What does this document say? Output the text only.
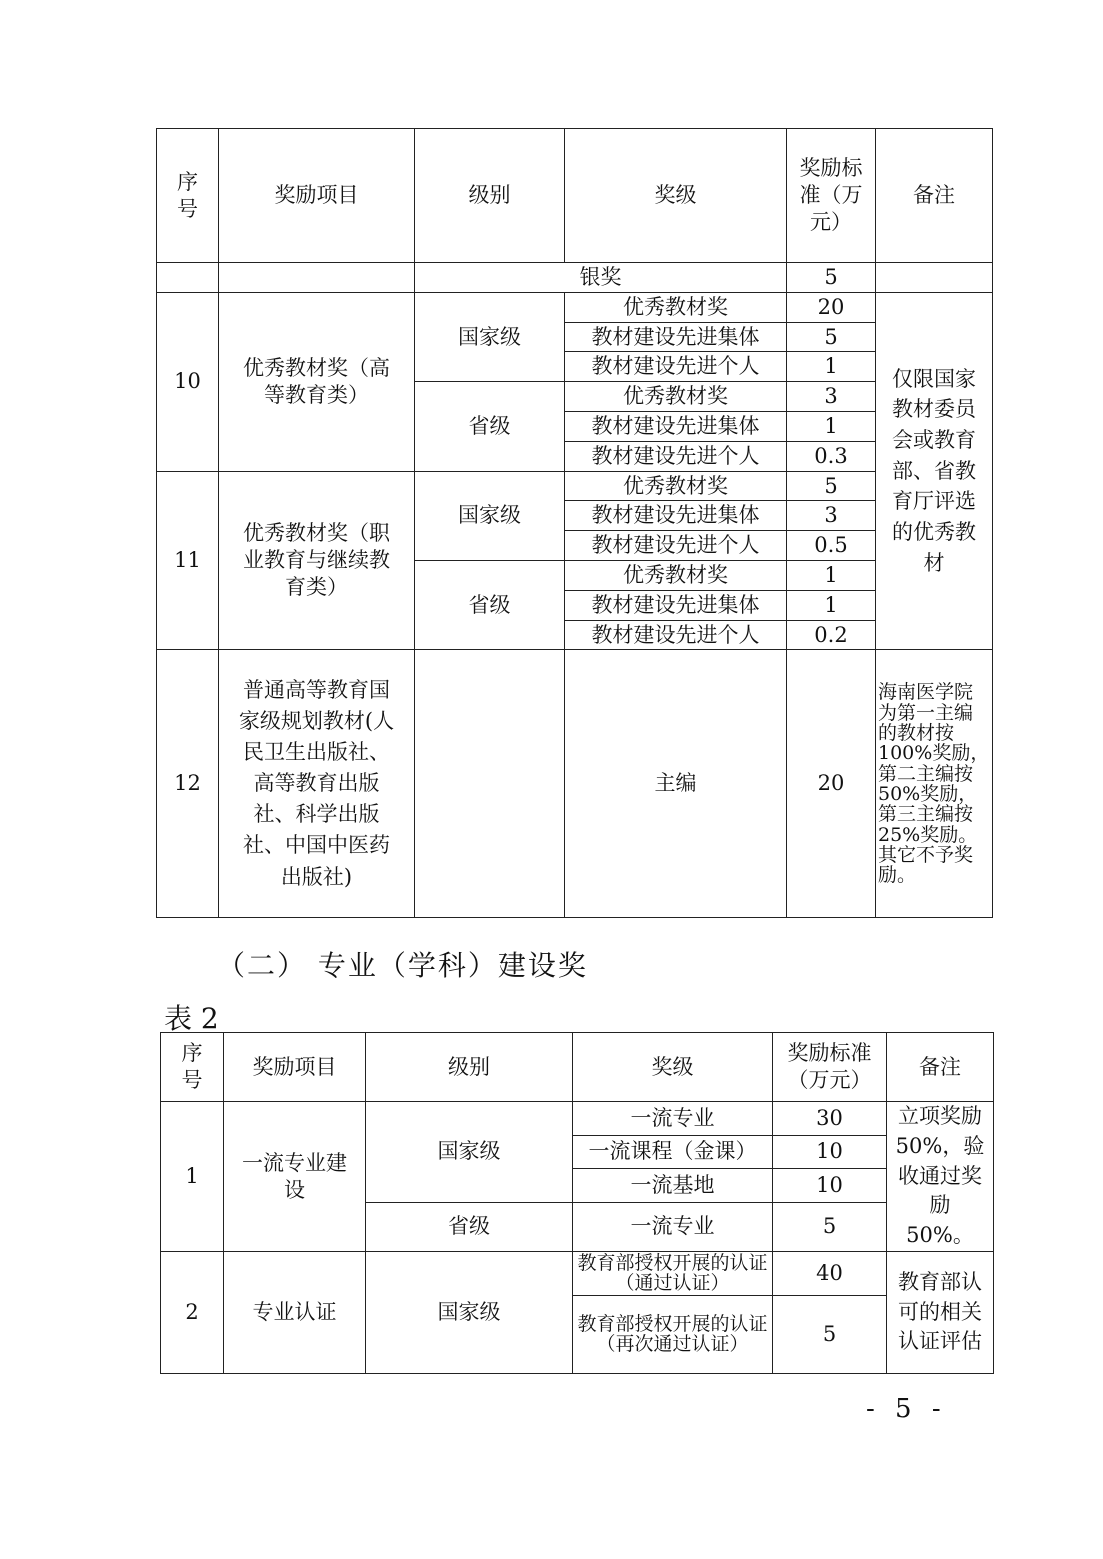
序
号	奖励项目	级别	奖级	奖励标
准（万
元）	备注
		银奖		5	
10	优秀教材奖（高等教育类）	国家级	优秀教材奖	20	仅限国家教材委员会或教育部、省教育厅评选的优秀教材
			教材建设先进集体	5	
			教材建设先进个人	1	
		省级	优秀教材奖	3	
			教材建设先进集体	1	
			教材建设先进个人	0.3	
11	优秀教材奖（职业教育与继续教育类）	国家级	优秀教材奖	5	
			教材建设先进集体	3	
			教材建设先进个人	0.5	
		省级	优秀教材奖	1	
			教材建设先进集体	1	
			教材建设先进个人	0.2	
12	普通高等教育国家级规划教材(人民卫生出版社、高等教育出版社、科学出版社、中国中医药出版社)		主编	20	海南医学院为第一主编的教材按100%奖励，第二主编按50%奖励，第三主编按25%奖励。其它不予奖励。
（二） 专业（学科）建设奖
表 2
序
号	奖励项目	级别	奖级	奖励标准
（万元）	备注
1	一流专业建设	国家级	一流专业	30	立项奖励 50%，验收通过奖励 50%。
			一流课程（金课）	10	
			一流基地	10	
		省级	一流专业	5	
2	专业认证	国家级	教育部授权开展的认证（通过认证）	40	教育部认可的相关认证评估
			教育部授权开展的认证（再次通过认证）	5	
- 5 -
